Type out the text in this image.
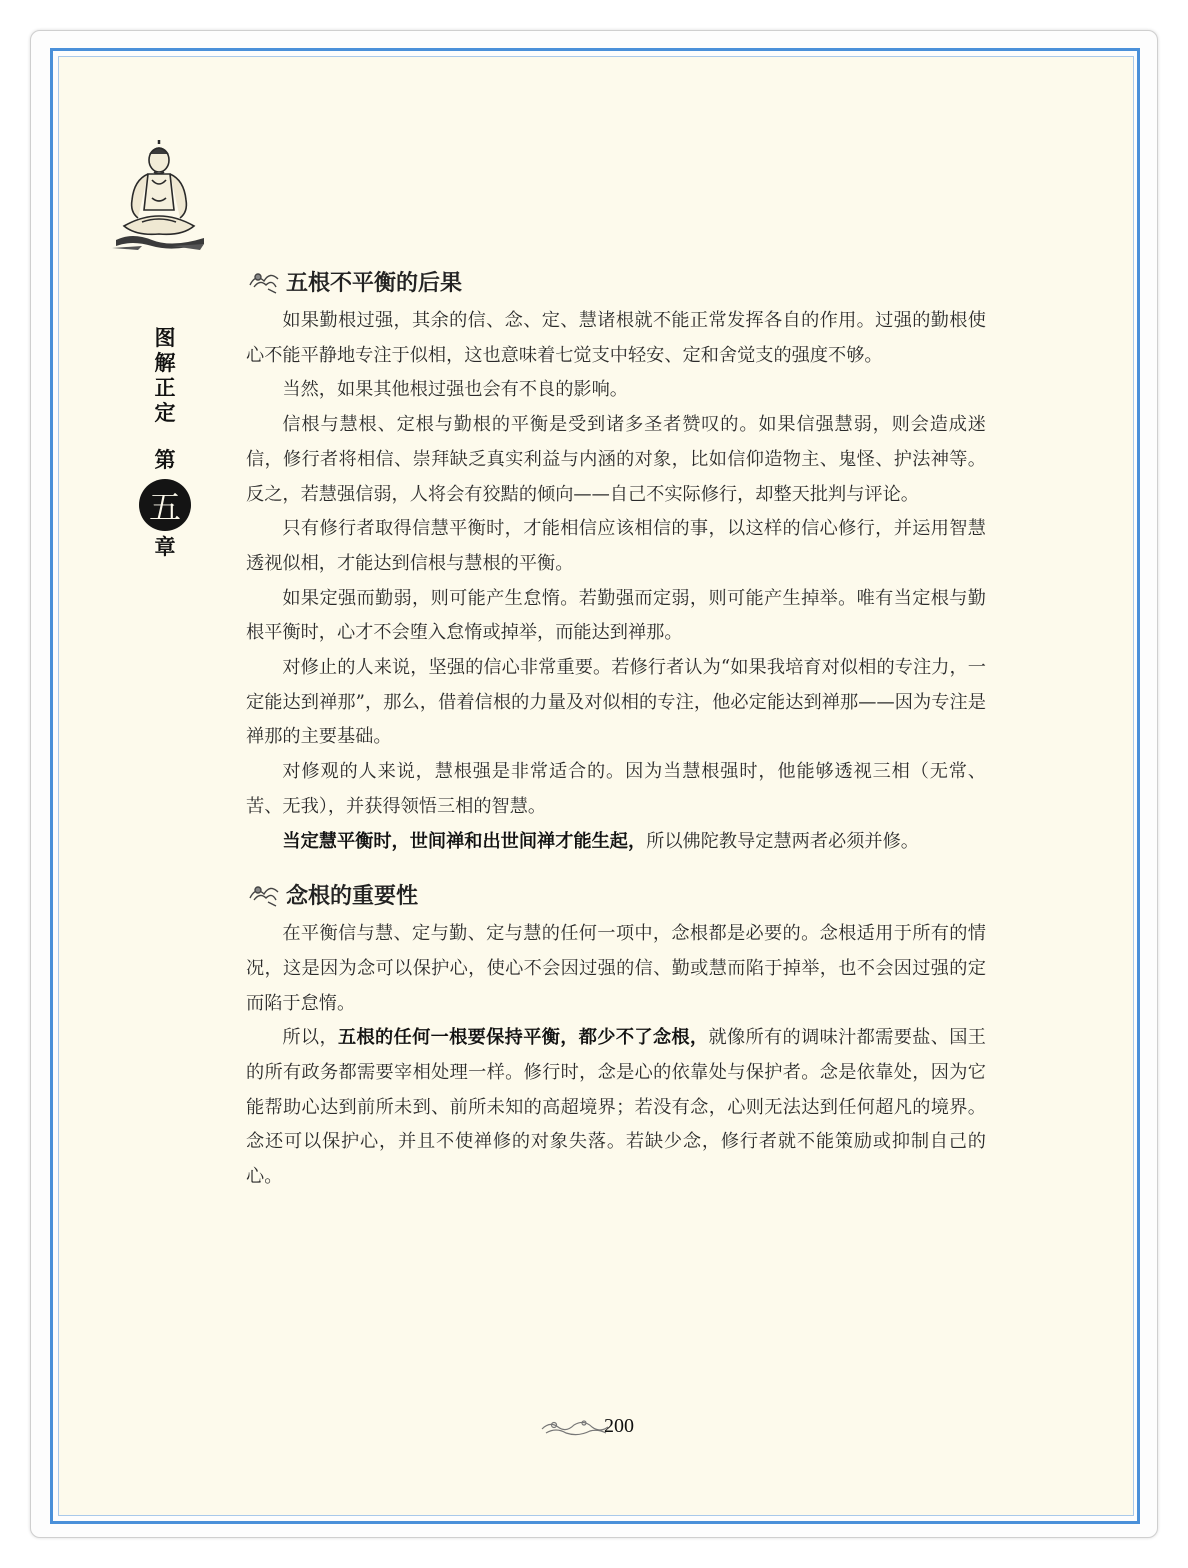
图
解
正
定
第
五
章
五根不平衡的后果

如果勤根过强，其余的信、念、定、慧诸根就不能正常发挥各自的作用。过强的勤根使心不能平静地专注于似相，这也意味着七觉支中轻安、定和舍觉支的强度不够。

当然，如果其他根过强也会有不良的影响。

信根与慧根、定根与勤根的平衡是受到诸多圣者赞叹的。如果信强慧弱，则会造成迷信，修行者将相信、崇拜缺乏真实利益与内涵的对象，比如信仰造物主、鬼怪、护法神等。反之，若慧强信弱，人将会有狡黠的倾向——自己不实际修行，却整天批判与评论。

只有修行者取得信慧平衡时，才能相信应该相信的事，以这样的信心修行，并运用智慧透视似相，才能达到信根与慧根的平衡。

如果定强而勤弱，则可能产生怠惰。若勤强而定弱，则可能产生掉举。唯有当定根与勤根平衡时，心才不会堕入怠惰或掉举，而能达到禅那。

对修止的人来说，坚强的信心非常重要。若修行者认为“如果我培育对似相的专注力，一定能达到禅那”，那么，借着信根的力量及对似相的专注，他必定能达到禅那——因为专注是禅那的主要基础。

对修观的人来说，慧根强是非常适合的。因为当慧根强时，他能够透视三相（无常、苦、无我），并获得领悟三相的智慧。

当定慧平衡时，世间禅和出世间禅才能生起，所以佛陀教导定慧两者必须并修。

念根的重要性

在平衡信与慧、定与勤、定与慧的任何一项中，念根都是必要的。念根适用于所有的情况，这是因为念可以保护心，使心不会因过强的信、勤或慧而陷于掉举，也不会因过强的定而陷于怠惰。

所以，五根的任何一根要保持平衡，都少不了念根，就像所有的调味汁都需要盐、国王的所有政务都需要宰相处理一样。修行时，念是心的依靠处与保护者。念是依靠处，因为它能帮助心达到前所未到、前所未知的高超境界；若没有念，心则无法达到任何超凡的境界。念还可以保护心，并且不使禅修的对象失落。若缺少念，修行者就不能策励或抑制自己的心。

200
